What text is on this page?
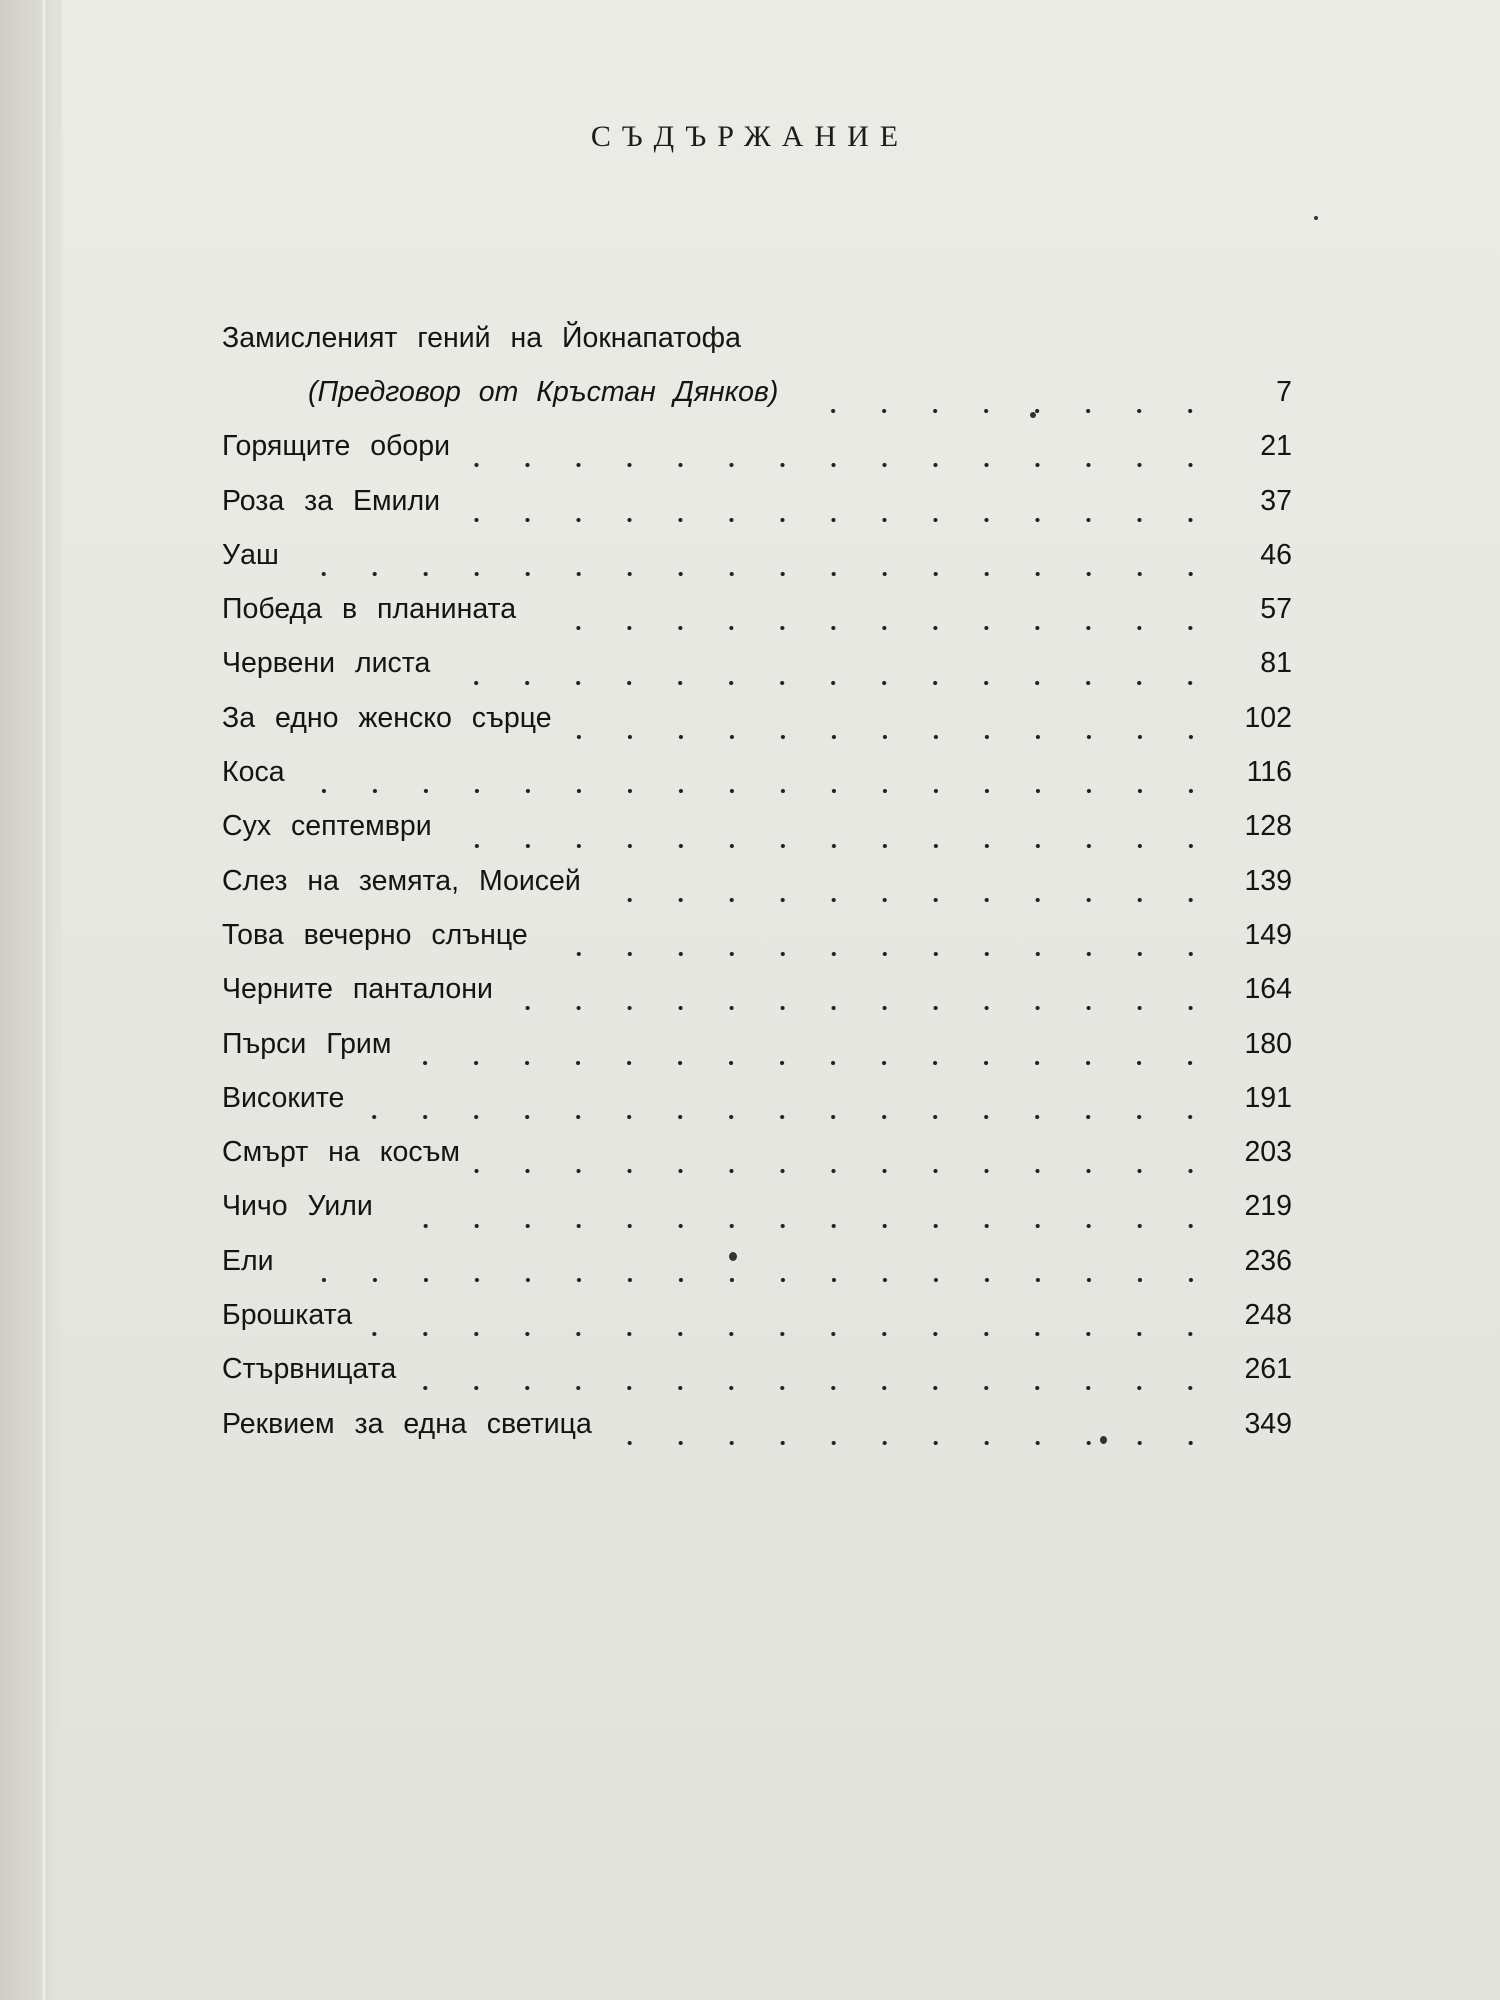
СЪДЪРЖАНИЕ
Замисленият гений на Йокнапатофа
(Предговор от Кръстан Дянков)	7
Горящите обори	21
Роза за Емили	37
Уаш	46
Победа в планината	57
Червени листа	81
За едно женско сърце	102
Коса	116
Сух септември	128
Слез на земята, Моисей	139
Това вечерно слънце	149
Черните панталони	164
Пърси Грим	180
Високите	191
Смърт на косъм	203
Чичо Уили	219
Ели	236
Брошката	248
Стървницата	261
Реквием за една светица	349
